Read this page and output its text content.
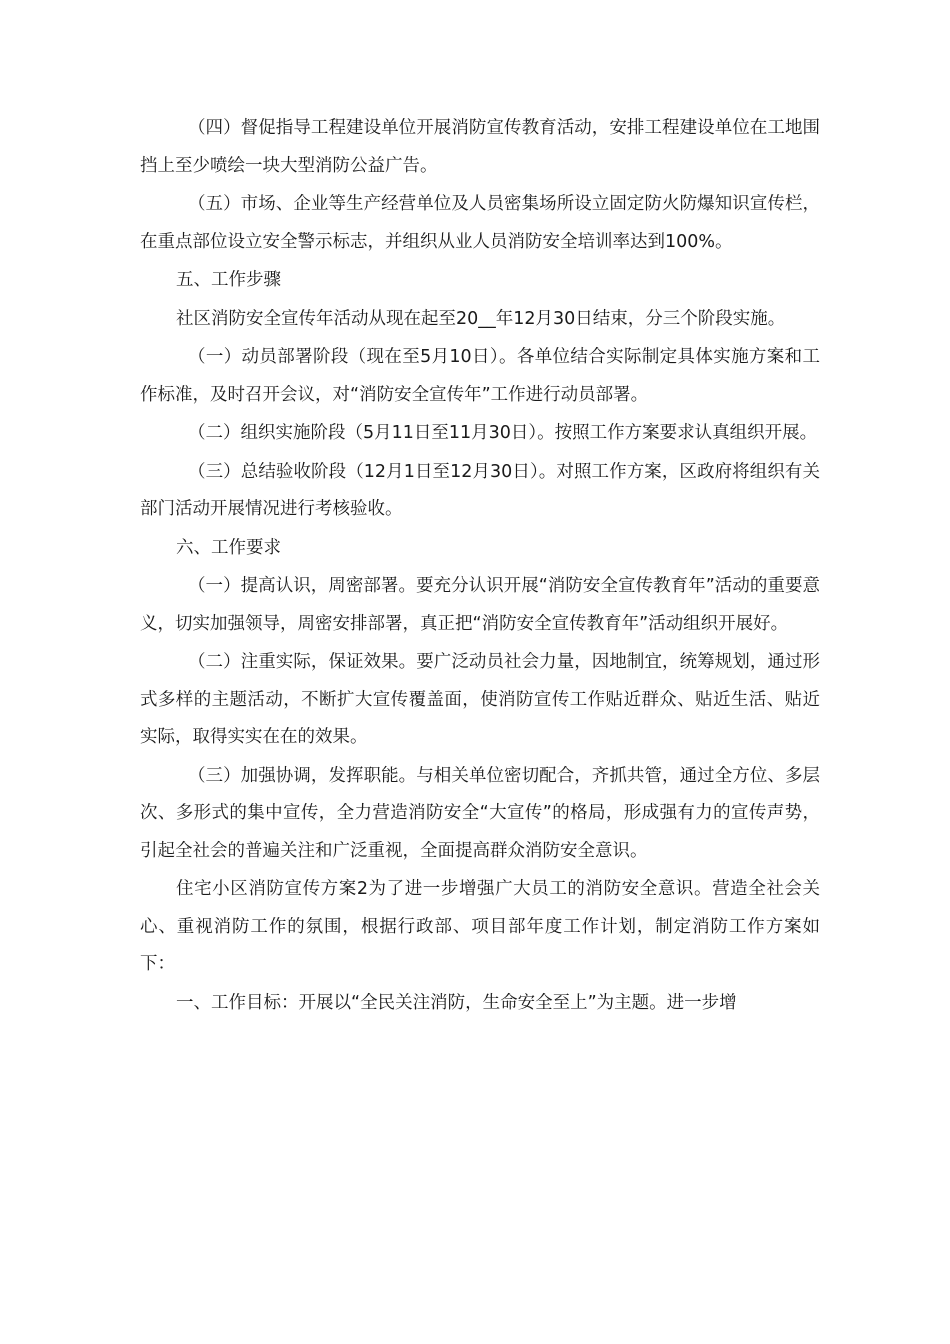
（四）督促指导工程建设单位开展消防宣传教育活动，安排工程建设单位在工地围挡上至少喷绘一块大型消防公益广告。

（五）市场、企业等生产经营单位及人员密集场所设立固定防火防爆知识宣传栏，在重点部位设立安全警示标志，并组织从业人员消防安全培训率达到100%。

五、工作步骤

社区消防安全宣传年活动从现在起至20__年12月30日结束，分三个阶段实施。

（一）动员部署阶段（现在至5月10日）。各单位结合实际制定具体实施方案和工作标准，及时召开会议，对“消防安全宣传年”工作进行动员部署。

（二）组织实施阶段（5月11日至11月30日）。按照工作方案要求认真组织开展。

（三）总结验收阶段（12月1日至12月30日）。对照工作方案，区政府将组织有关部门活动开展情况进行考核验收。

六、工作要求

（一）提高认识，周密部署。要充分认识开展“消防安全宣传教育年”活动的重要意义，切实加强领导，周密安排部署，真正把“消防安全宣传教育年”活动组织开展好。

（二）注重实际，保证效果。要广泛动员社会力量，因地制宜，统筹规划，通过形式多样的主题活动，不断扩大宣传覆盖面，使消防宣传工作贴近群众、贴近生活、贴近实际，取得实实在在的效果。

（三）加强协调，发挥职能。与相关单位密切配合，齐抓共管，通过全方位、多层次、多形式的集中宣传，全力营造消防安全“大宣传”的格局，形成强有力的宣传声势，引起全社会的普遍关注和广泛重视，全面提高群众消防安全意识。

住宅小区消防宣传方案2为了进一步增强广大员工的消防安全意识。营造全社会关心、重视消防工作的氛围，根据行政部、项目部年度工作计划，制定消防工作方案如下：

一、工作目标：开展以“全民关注消防，生命安全至上”为主题。进一步增
